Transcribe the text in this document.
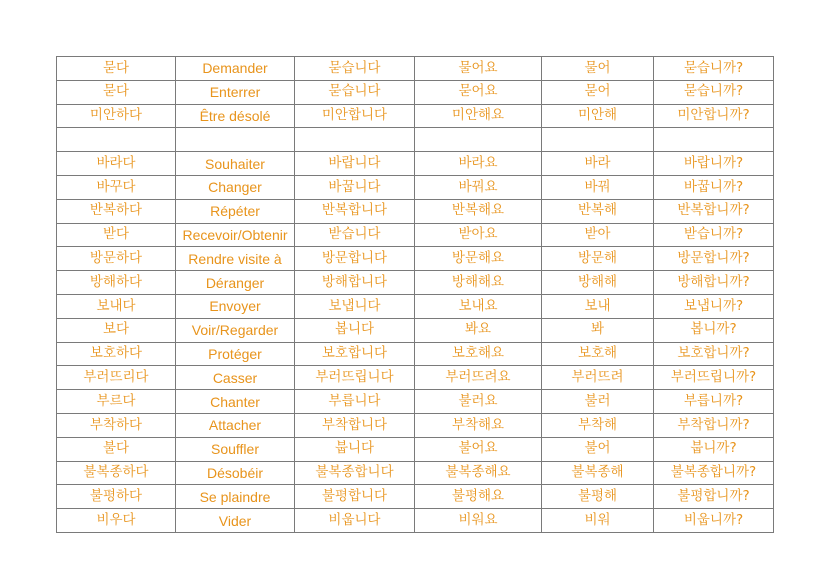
묻다	Demander	묻습니다	물어요	물어	묻습니까?
묻다	Enterrer	묻습니다	묻어요	묻어	묻습니까?
미안하다	Être désolé	미안합니다	미안해요	미안해	미안합니까?

바라다	Souhaiter	바랍니다	바라요	바라	바랍니까?
바꾸다	Changer	바꿉니다	바꿔요	바꿔	바꿉니까?
반복하다	Répéter	반복합니다	반복해요	반복해	반복합니까?
받다	Recevoir/Obtenir	받습니다	받아요	받아	받습니까?
방문하다	Rendre visite à	방문합니다	방문해요	방문해	방문합니까?
방해하다	Déranger	방해합니다	방해해요	방해해	방해합니까?
보내다	Envoyer	보냅니다	보내요	보내	보냅니까?
보다	Voir/Regarder	봅니다	봐요	봐	봅니까?
보호하다	Protéger	보호합니다	보호해요	보호해	보호합니까?
부러뜨리다	Casser	부러뜨립니다	부러뜨려요	부러뜨려	부러뜨립니까?
부르다	Chanter	부릅니다	불러요	불러	부릅니까?
부착하다	Attacher	부착합니다	부착해요	부착해	부착합니까?
불다	Souffler	붑니다	불어요	불어	붑니까?
불복종하다	Désobéir	불복종합니다	불복종해요	불복종해	불복종합니까?
불평하다	Se plaindre	불평합니다	불평해요	불평해	불평합니까?
비우다	Vider	비웁니다	비워요	비워	비웁니까?
